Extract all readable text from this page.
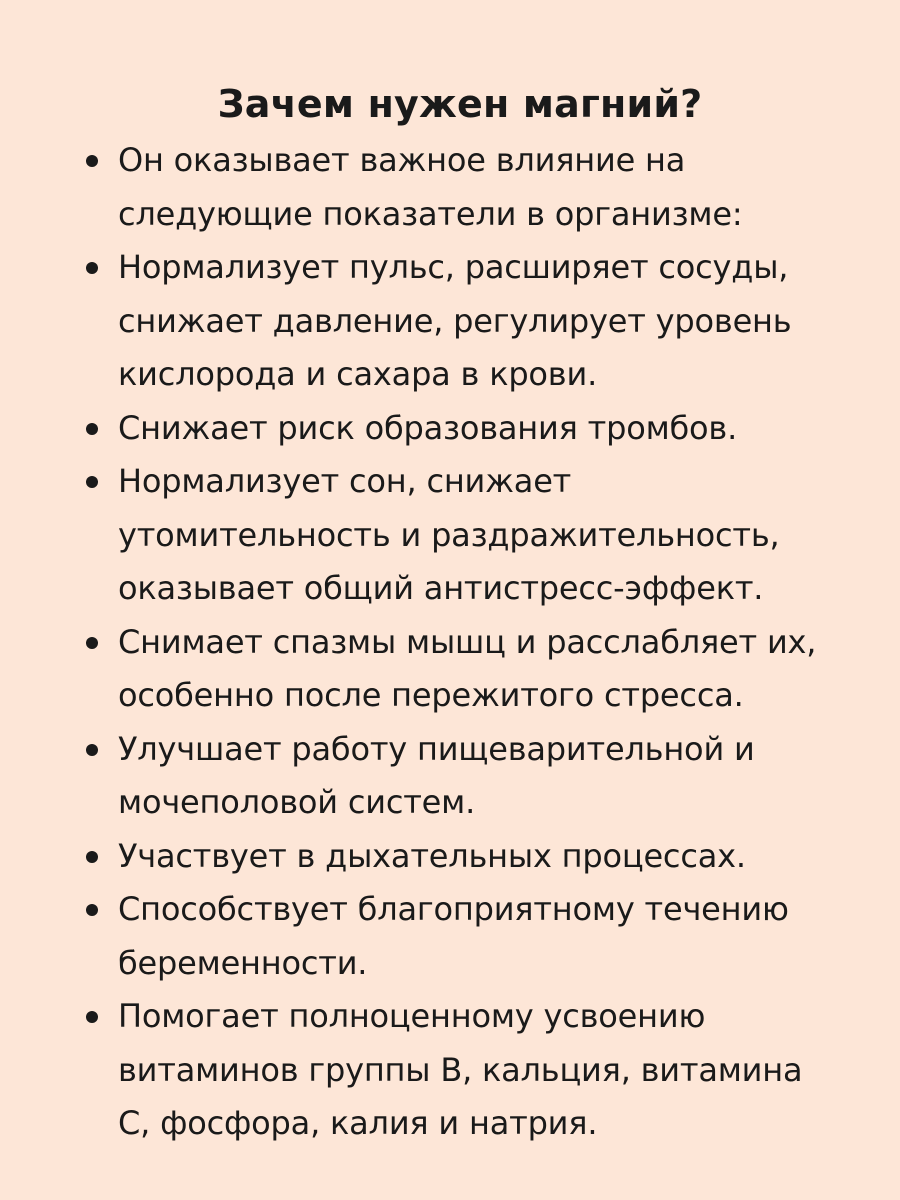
Зачем нужен магний?
Он оказывает важное влияние на следующие показатели в организме:
Нормализует пульс, расширяет сосуды, снижает давление, регулирует уровень кислорода и сахара в крови.
Снижает риск образования тромбов.
Нормализует сон, снижает утомительность и раздражительность, оказывает общий антистресс-эффект.
Снимает спазмы мышц и расслабляет их, особенно после пережитого стресса.
Улучшает работу пищеварительной и мочеполовой систем.
Участвует в дыхательных процессах.
Способствует благоприятному течению беременности.
Помогает полноценному усвоению витаминов группы В, кальция, витамина С, фосфора, калия и натрия.
